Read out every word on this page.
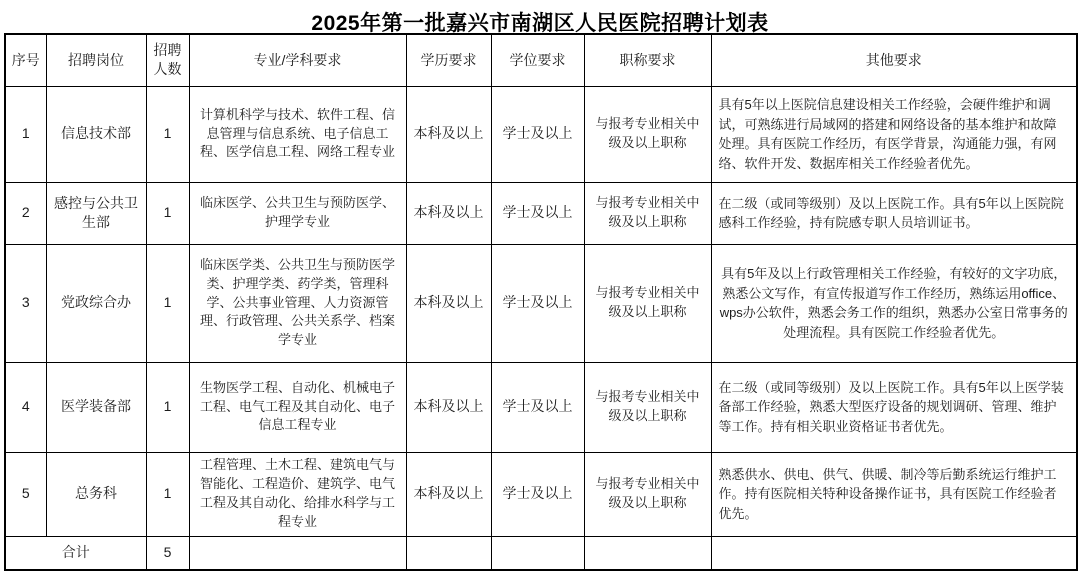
2025年第一批嘉兴市南湖区人民医院招聘计划表
序号	招聘岗位	招聘人数	专业/学科要求	学历要求	学位要求	职称要求	其他要求
1	信息技术部	1	计算机科学与技术、软件工程、信息管理与信息系统、电子信息工程、医学信息工程、网络工程专业	本科及以上	学士及以上	与报考专业相关中级及以上职称	具有5年以上医院信息建设相关工作经验，会硬件维护和调试，可熟练进行局域网的搭建和网络设备的基本维护和故障处理。具有医院工作经历，有医学背景，沟通能力强，有网络、软件开发、数据库相关工作经验者优先。
2	感控与公共卫生部	1	临床医学、公共卫生与预防医学、护理学专业	本科及以上	学士及以上	与报考专业相关中级及以上职称	在二级（或同等级别）及以上医院工作。具有5年以上医院院感科工作经验，持有院感专职人员培训证书。
3	党政综合办	1	临床医学类、公共卫生与预防医学类、护理学类、药学类，管理科学、公共事业管理、人力资源管理、行政管理、公共关系学、档案学专业	本科及以上	学士及以上	与报考专业相关中级及以上职称	具有5年及以上行政管理相关工作经验，有较好的文字功底，熟悉公文写作，有宣传报道写作工作经历，熟练运用office、wps办公软件，熟悉会务工作的组织，熟悉办公室日常事务的处理流程。具有医院工作经验者优先。
4	医学装备部	1	生物医学工程、自动化、机械电子工程、电气工程及其自动化、电子信息工程专业	本科及以上	学士及以上	与报考专业相关中级及以上职称	在二级（或同等级别）及以上医院工作。具有5年以上医学装备部工作经验，熟悉大型医疗设备的规划调研、管理、维护等工作。持有相关职业资格证书者优先。
5	总务科	1	工程管理、土木工程、建筑电气与智能化、工程造价、建筑学、电气工程及其自动化、给排水科学与工程专业	本科及以上	学士及以上	与报考专业相关中级及以上职称	熟悉供水、供电、供气、供暖、制冷等后勤系统运行维护工作。持有医院相关特种设备操作证书，具有医院工作经验者优先。
合计		5					
